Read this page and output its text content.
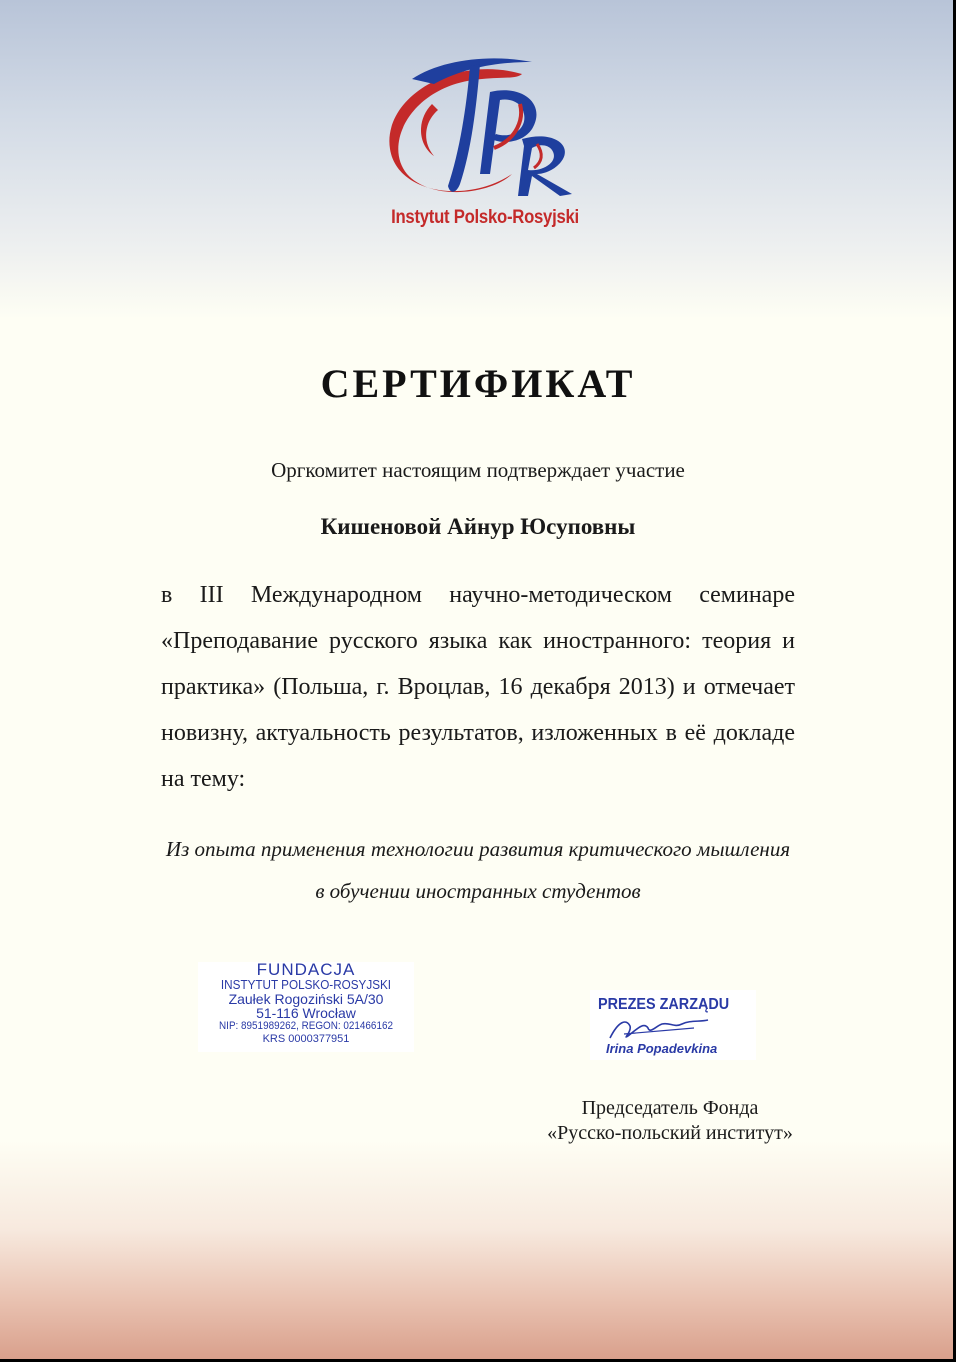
Instytut Polsko-Rosyjski
СЕРТИФИКАТ
Оргкомитет настоящим подтверждает участие
Кишеновой Айнур Юсуповны
в III Международном научно-методическом семинаре «Преподавание русского языка как иностранного: теория и практика» (Польша, г. Вроцлав, 16 декабря 2013) и отмечает новизну, актуальность результатов, изложенных в её докладе на тему:
Из опыта применения технологии развития критического мышления
в обучении иностранных студентов
FUNDACJA
INSTYTUT POLSKO-ROSYJSKI
Zaułek Rogoziński 5A/30
51-116 Wrocław
NIP: 8951989262, REGON: 021466162
KRS 0000377951
PREZES ZARZĄDU
Irina Popadevkina
Председатель Фонда
«Русско-польский институт»
